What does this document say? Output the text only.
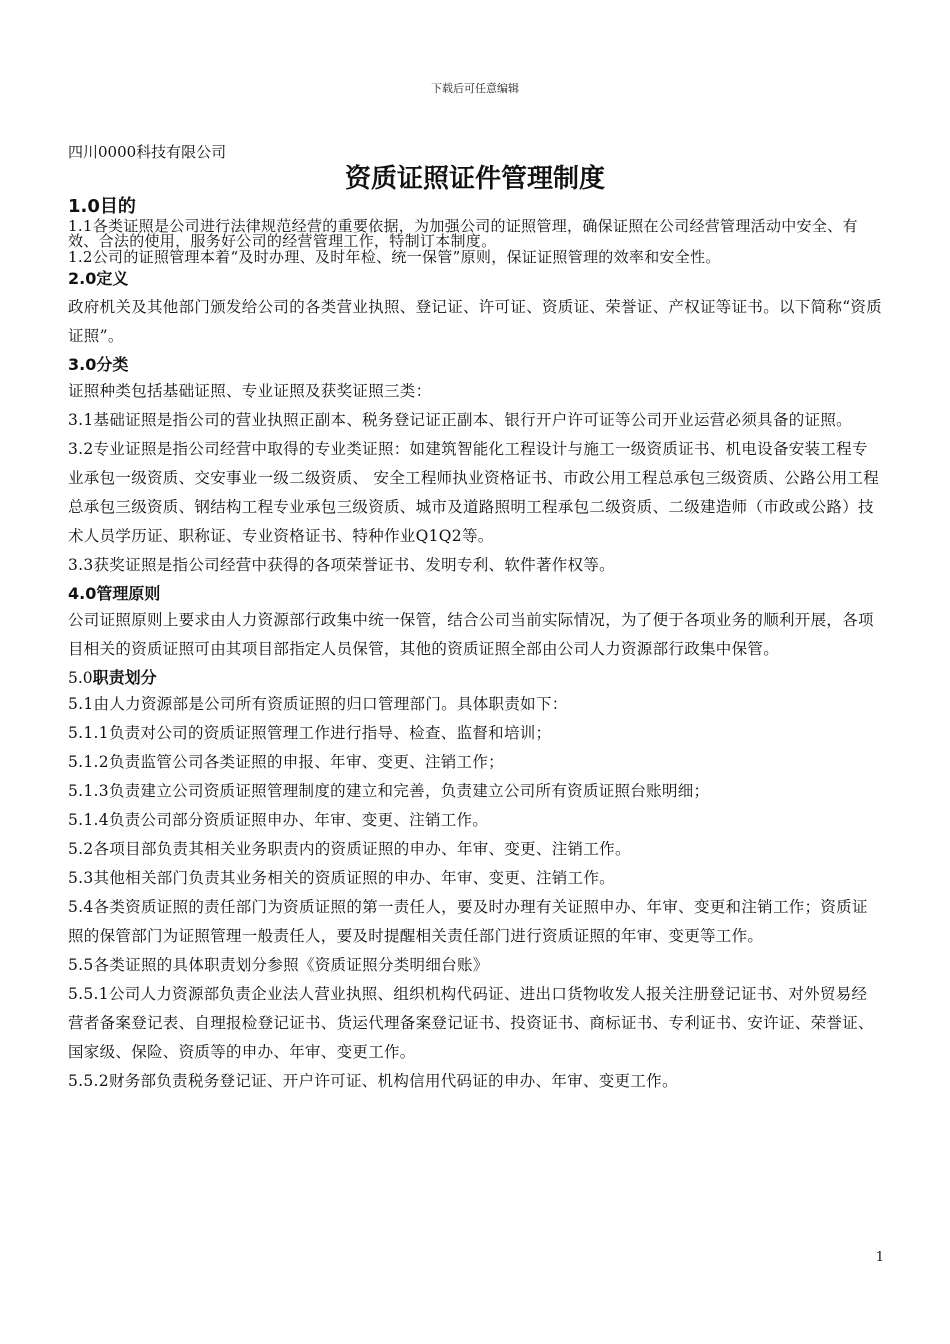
下载后可任意编辑
四川0000科技有限公司
资质证照证件管理制度
1.0目的

1.1各类证照是公司进行法律规范经营的重要依据，为加强公司的证照管理，确保证照在公司经营管理活动中安全、有效、合法的使用，服务好公司的经营管理工作，特制订本制度。

1.2公司的证照管理本着“及时办理、及时年检、统一保管”原则，保证证照管理的效率和安全性。

2.0定义

政府机关及其他部门颁发给公司的各类营业执照、登记证、许可证、资质证、荣誉证、产权证等证书。以下简称“资质证照”。

3.0分类

证照种类包括基础证照、专业证照及获奖证照三类：

3.1基础证照是指公司的营业执照正副本、税务登记证正副本、银行开户许可证等公司开业运营必须具备的证照。

3.2专业证照是指公司经营中取得的专业类证照：如建筑智能化工程设计与施工一级资质证书、机电设备安装工程专业承包一级资质、交安事业一级二级资质、 安全工程师执业资格证书、市政公用工程总承包三级资质、公路公用工程总承包三级资质、钢结构工程专业承包三级资质、城市及道路照明工程承包二级资质、二级建造师（市政或公路）技术人员学历证、职称证、专业资格证书、特种作业Q1Q2等。

3.3获奖证照是指公司经营中获得的各项荣誉证书、发明专利、软件著作权等。

4.0管理原则

公司证照原则上要求由人力资源部行政集中统一保管，结合公司当前实际情况，为了便于各项业务的顺利开展，各项目相关的资质证照可由其项目部指定人员保管，其他的资质证照全部由公司人力资源部行政集中保管。

5.0职责划分

5.1由人力资源部是公司所有资质证照的归口管理部门。具体职责如下：

5.1.1负责对公司的资质证照管理工作进行指导、检查、监督和培训；

5.1.2负责监管公司各类证照的申报、年审、变更、注销工作；

5.1.3负责建立公司资质证照管理制度的建立和完善，负责建立公司所有资质证照台账明细；

5.1.4负责公司部分资质证照申办、年审、变更、注销工作。

5.2各项目部负责其相关业务职责内的资质证照的申办、年审、变更、注销工作。

5.3其他相关部门负责其业务相关的资质证照的申办、年审、变更、注销工作。

5.4各类资质证照的责任部门为资质证照的第一责任人，要及时办理有关证照申办、年审、变更和注销工作；资质证照的保管部门为证照管理一般责任人，要及时提醒相关责任部门进行资质证照的年审、变更等工作。

5.5各类证照的具体职责划分参照《资质证照分类明细台账》

5.5.1公司人力资源部负责企业法人营业执照、组织机构代码证、进出口货物收发人报关注册登记证书、对外贸易经营者备案登记表、自理报检登记证书、货运代理备案登记证书、投资证书、商标证书、专利证书、安许证、荣誉证、国家级、保险、资质等的申办、年审、变更工作。

5.5.2财务部负责税务登记证、开户许可证、机构信用代码证的申办、年审、变更工作。

1
